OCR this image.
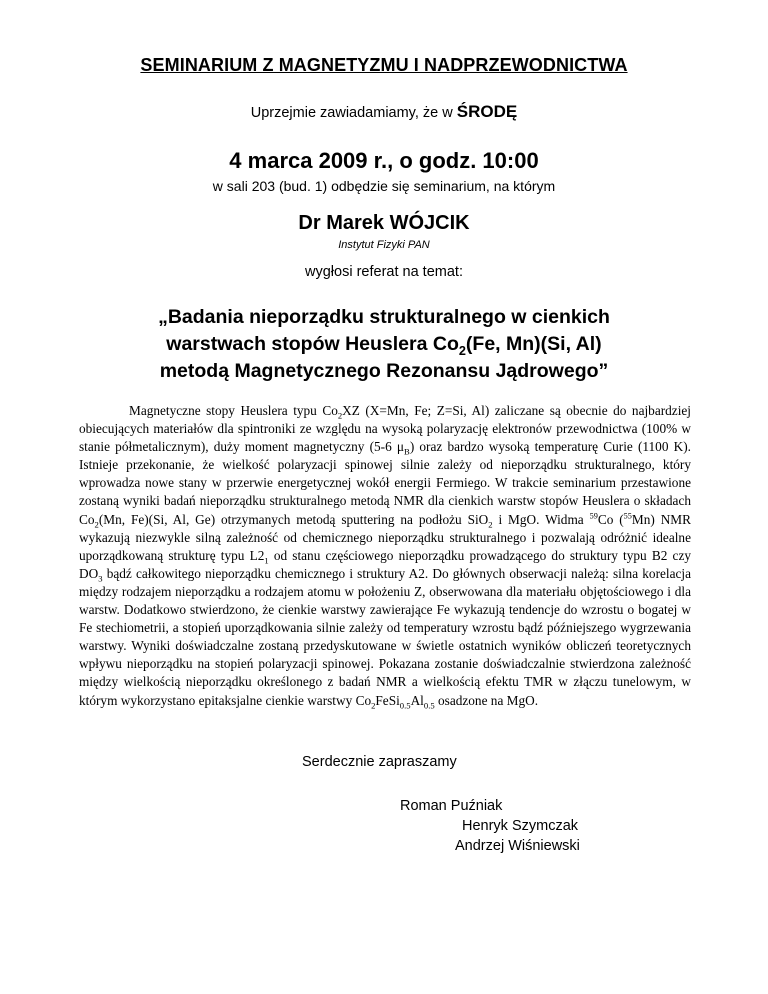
SEMINARIUM Z MAGNETYZMU I NADPRZEWODNICTWA
Uprzejmie zawiadamiamy, że w ŚRODĘ
4 marca 2009 r., o godz. 10:00
w sali 203 (bud. 1) odbędzie się seminarium, na którym
Dr Marek WÓJCIK
Instytut Fizyki PAN
wygłosi referat na temat:
„Badania nieporządku strukturalnego w cienkich
warstwach stopów Heuslera $Co_2(Fe$, Mn)(Si, Al)
metodą Magnetycznego Rezonansu Jądrowego”

Magnetyczne stopy Heuslera typu $Co_2XZ$ (X=Mn, Fe; Z=Si, Al) zaliczane są obecnie do najbardziej obiecujących materiałów dla spintroniki ze względu na wysoką polaryzację elektronów przewodnictwa (100% w stanie półmetalicznym), duży moment magnetyczny (5-6 $\mu_B$) oraz bardzo wysoką temperaturę Curie (1100 K). Istnieje przekonanie, że wielkość polaryzacji spinowej silnie zależy od nieporządku strukturalnego, który wprowadza nowe stany w przerwie energetycznej wokół energii Fermiego. W trakcie seminarium przestawione zostaną wyniki badań nieporządku strukturalnego metodą NMR dla cienkich warstw stopów Heuslera o składach $Co_2(Mn$, Fe)(Si, Al, Ge) otrzymanych metodą sputtering na podłożu SiO$_2$ i MgO. Widma $^{59}$Co ($^{55}$Mn) NMR wykazują niezwykle silną zależność od chemicznego nieporządku strukturalnego i pozwalają odróżnić idealne uporządkowaną strukturę typu $L2_1$ od stanu częściowego nieporządku prowadzącego do struktury typu B2 czy $DO_3$ bądź całkowitego nieporządku chemicznego i struktury A2. Do głównych obserwacji należą: silna korelacja między rodzajem nieporządku a rodzajem atomu w położeniu Z, obserwowana dla materiału objętościowego i dla warstw. Dodatkowo stwierdzono, że cienkie warstwy zawierające Fe wykazują tendencje do wzrostu o bogatej w Fe stechiometrii, a stopień uporządkowania silnie zależy od temperatury wzrostu bądź późniejszego wygrzewania warstwy. Wyniki doświadczalne zostaną przedyskutowane w świetle ostatnich wyników obliczeń teoretycznych wpływu nieporządku na stopień polaryzacji spinowej. Pokazana zostanie doświadczalnie stwierdzona zależność między wielkością nieporządku określonego z badań NMR a wielkością efektu TMR w złączu tunelowym, w którym wykorzystano epitaksjalne cienkie warstwy $Co_2FeSi_{0.5}Al_{0.5}$ osadzone na MgO.

Serdecznie zapraszamy
Roman Puźniak
Henryk Szymczak
Andrzej Wiśniewski
